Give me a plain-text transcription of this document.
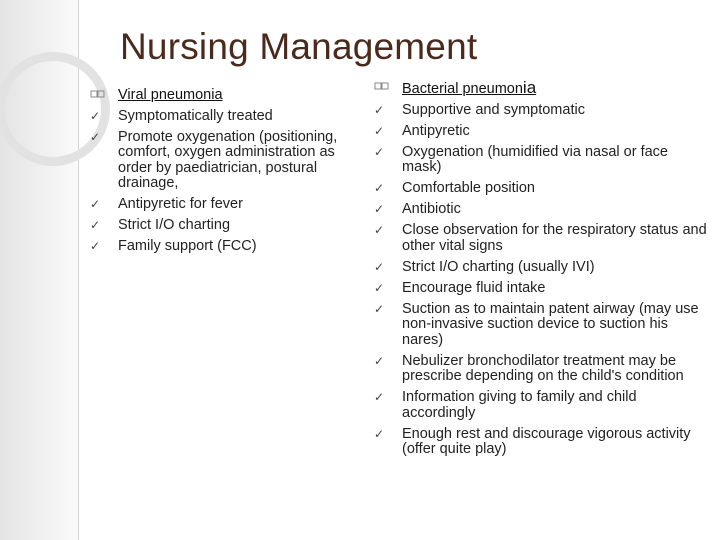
Nursing Management
Viral pneumonia
✓ Symptomatically treated
✓ Promote oxygenation (positioning, comfort, oxygen administration as order by paediatrician, postural drainage,
✓ Antipyretic for fever
✓ Strict I/O charting
✓ Family support (FCC)
Bacterial pneumonia
✓ Supportive and symptomatic
✓ Antipyretic
✓ Oxygenation (humidified via nasal or face mask)
✓ Comfortable position
✓ Antibiotic
✓ Close observation for the respiratory status and other vital signs
✓ Strict I/O charting (usually IVI)
✓ Encourage fluid intake
✓ Suction as to maintain patent airway (may use non-invasive suction device to suction his nares)
✓ Nebulizer bronchodilator treatment may be prescribe depending on the child's condition
✓ Information giving to family and child accordingly
✓ Enough rest and discourage vigorous activity (offer quite play)
